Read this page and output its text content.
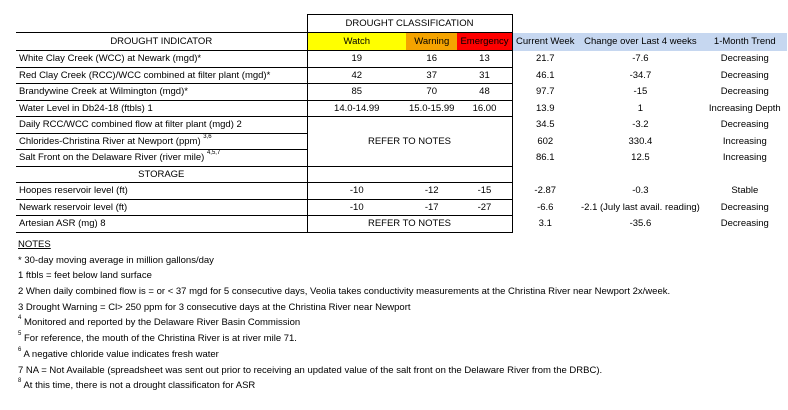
	DROUGHT CLASSIFICATION					
DROUGHT INDICATOR	Watch	Warning	Emergency	Current Week	Change over Last 4 weeks	1-Month Trend
White Clay Creek (WCC) at Newark (mgd)*	19	16	13	21.7	-7.6	Decreasing
Red Clay Creek (RCC)/WCC combined at filter plant (mgd)*	42	37	31	46.1	-34.7	Decreasing
Brandywine Creek at Wilmington (mgd)*	85	70	48	97.7	-15	Decreasing
Water Level in Db24-18 (ftbls) 1	14.0-14.99	15.0-15.99	16.00	13.9	1	Increasing Depth
Daily RCC/WCC combined flow at filter plant (mgd) 2				34.5	-3.2	Decreasing
Chlorides-Christina River at Newport (ppm) $^{3,6}$	REFER TO NOTES			602	330.4	Increasing
Salt Front on the Delaware River (river mile) $^{4,5,7}$				86.1	12.5	Increasing
STORAGE						
Hoopes reservoir level (ft)	-10	-12	-15	-2.87	-0.3	Stable
Newark reservoir level (ft)	-10	-17	-27	-6.6	-2.1 (July last avail. reading)	Decreasing
Artesian ASR (mg) 8	REFER TO NOTES			3.1	-35.6	Decreasing
NOTES
* 30-day moving average in million gallons/day
1 ftbls = feet below land surface
2 When daily combined flow is = or < 37 mgd for 5 consecutive days, Veolia takes conductivity measurements at the Christina River near Newport 2x/week.
3 Drought Warning = Cl> 250 ppm for 3 consecutive days at the Christina River near Newport
$^4$ Monitored and reported by the Delaware River Basin Commission
$^5$ For reference, the mouth of the Christina River is at river mile 71.
$^6$ A negative chloride value indicates fresh water
7 NA = Not Available (spreadsheet was sent out prior to receiving an updated value of the salt front on the Delaware River from the DRBC).
$^8$ At this time, there is not a drought classificaton for ASR
